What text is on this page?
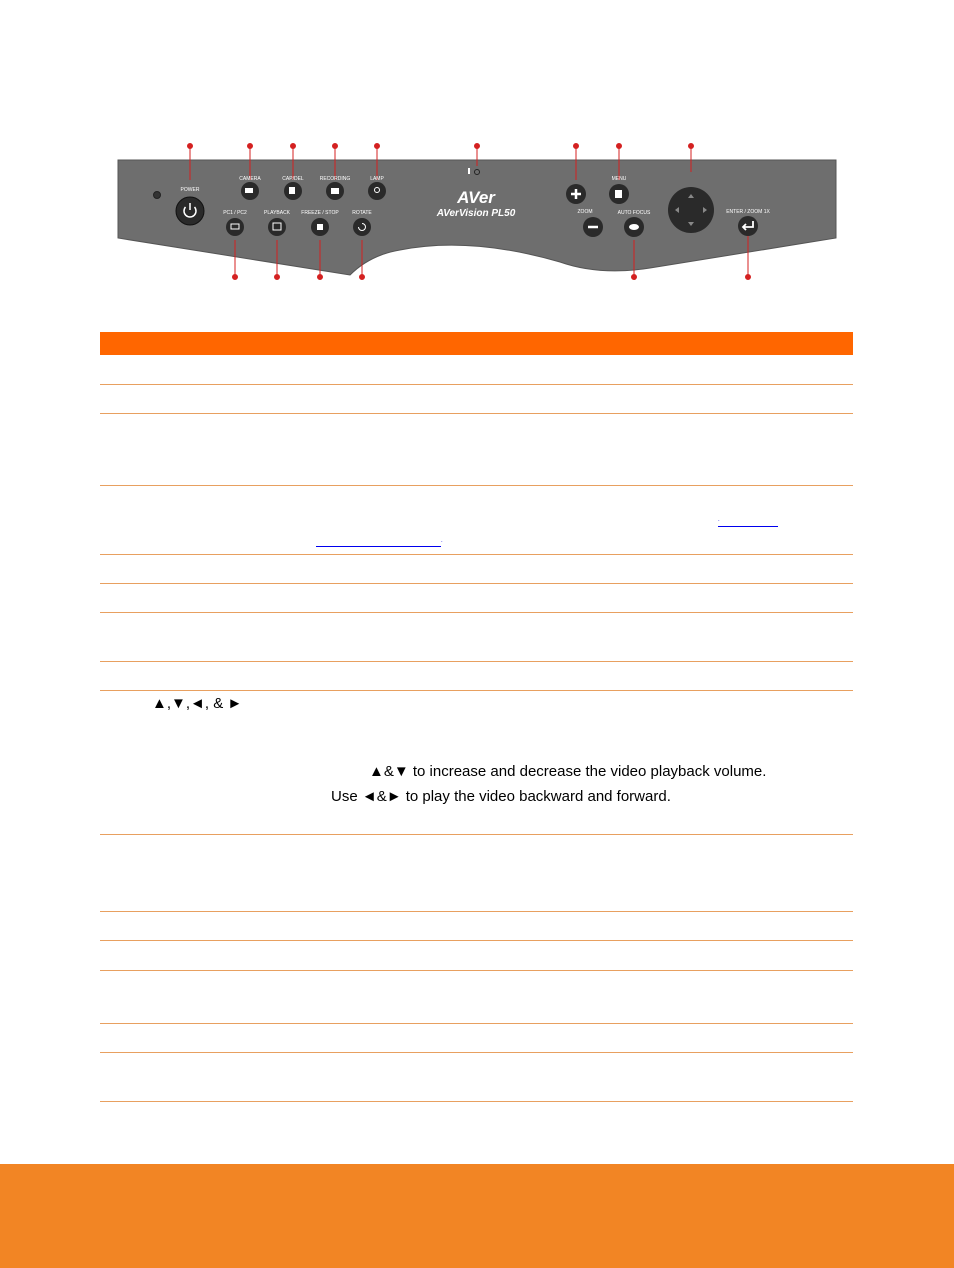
POWER
CAMERA	CAP/DEL	RECORDING	LAMP
AVer
AVerVision PL50
PC1 / PC2	PLAYBACK FREEZE / STOP	ROTATE	ZOOM
MENU
AUTO FOCUS	ENTER / ZOOM 1X
.
.
▲,▼,◄, & ►
▲&▼ to increase and decrease the video playback volume.
Use ◄&► to play the video backward and forward.
